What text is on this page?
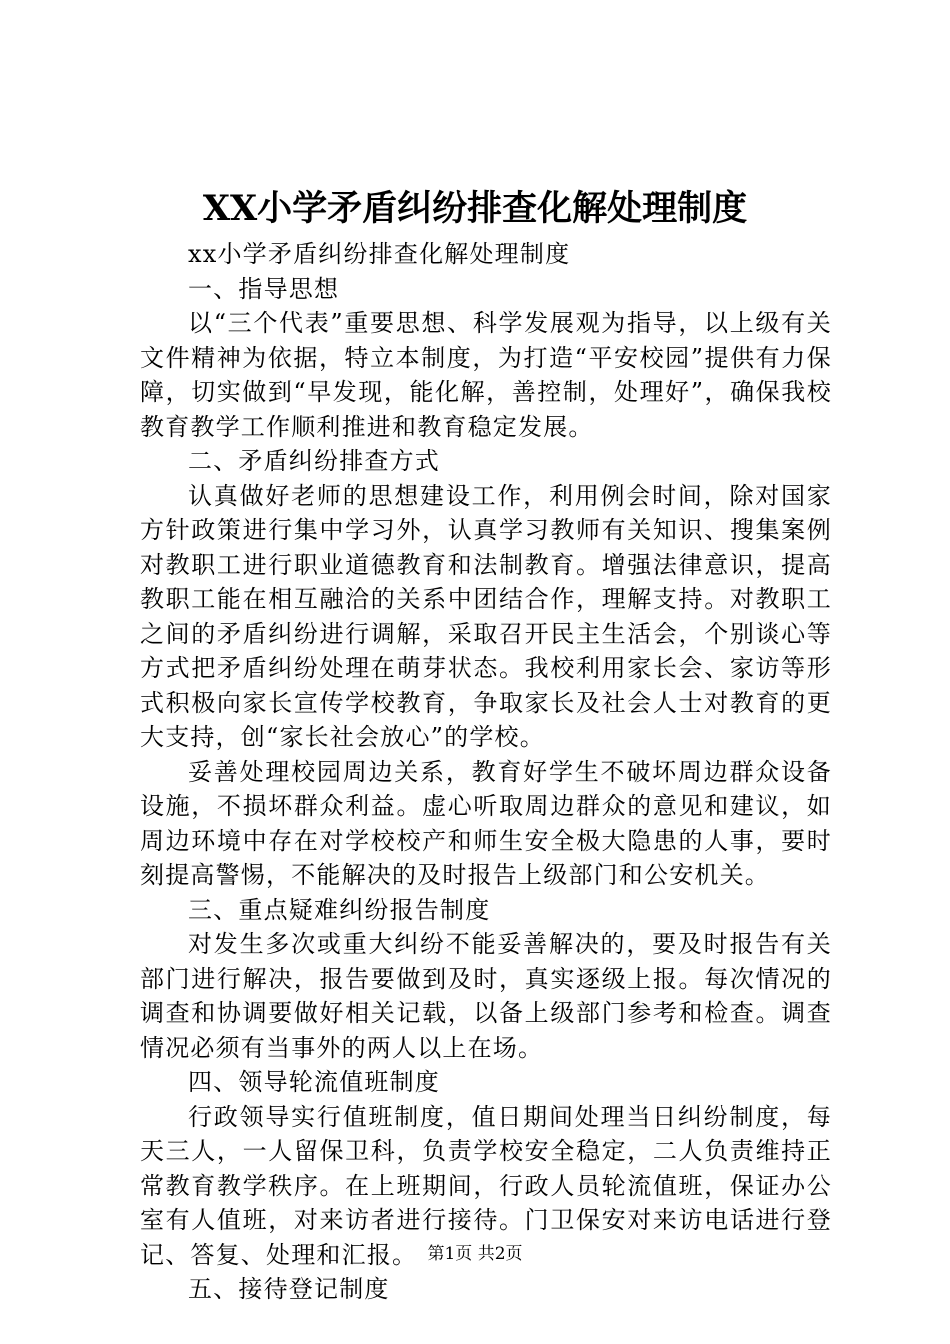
XX小学矛盾纠纷排查化解处理制度

xx小学矛盾纠纷排查化解处理制度

一、指导思想

以“三个代表”重要思想、科学发展观为指导，以上级有关文件精神为依据，特立本制度，为打造“平安校园”提供有力保障，切实做到“早发现，能化解，善控制，处理好”，确保我校教育教学工作顺利推进和教育稳定发展。

二、矛盾纠纷排查方式

认真做好老师的思想建设工作，利用例会时间，除对国家方针政策进行集中学习外，认真学习教师有关知识、搜集案例对教职工进行职业道德教育和法制教育。增强法律意识，提高教职工能在相互融洽的关系中团结合作，理解支持。对教职工之间的矛盾纠纷进行调解，采取召开民主生活会，个别谈心等方式把矛盾纠纷处理在萌芽状态。我校利用家长会、家访等形式积极向家长宣传学校教育，争取家长及社会人士对教育的更大支持，创“家长社会放心”的学校。

妥善处理校园周边关系，教育好学生不破坏周边群众设备设施，不损坏群众利益。虚心听取周边群众的意见和建议，如周边环境中存在对学校校产和师生安全极大隐患的人事，要时刻提高警惕，不能解决的及时报告上级部门和公安机关。

三、重点疑难纠纷报告制度

对发生多次或重大纠纷不能妥善解决的，要及时报告有关部门进行解决，报告要做到及时，真实逐级上报。每次情况的调查和协调要做好相关记载，以备上级部门参考和检查。调查情况必须有当事外的两人以上在场。

四、领导轮流值班制度

行政领导实行值班制度，值日期间处理当日纠纷制度，每天三人，一人留保卫科，负责学校安全稳定，二人负责维持正常教育教学秩序。在上班期间，行政人员轮流值班，保证办公室有人值班，对来访者进行接待。门卫保安对来访电话进行登记、答复、处理和汇报。

五、接待登记制度

第1页 共2页
